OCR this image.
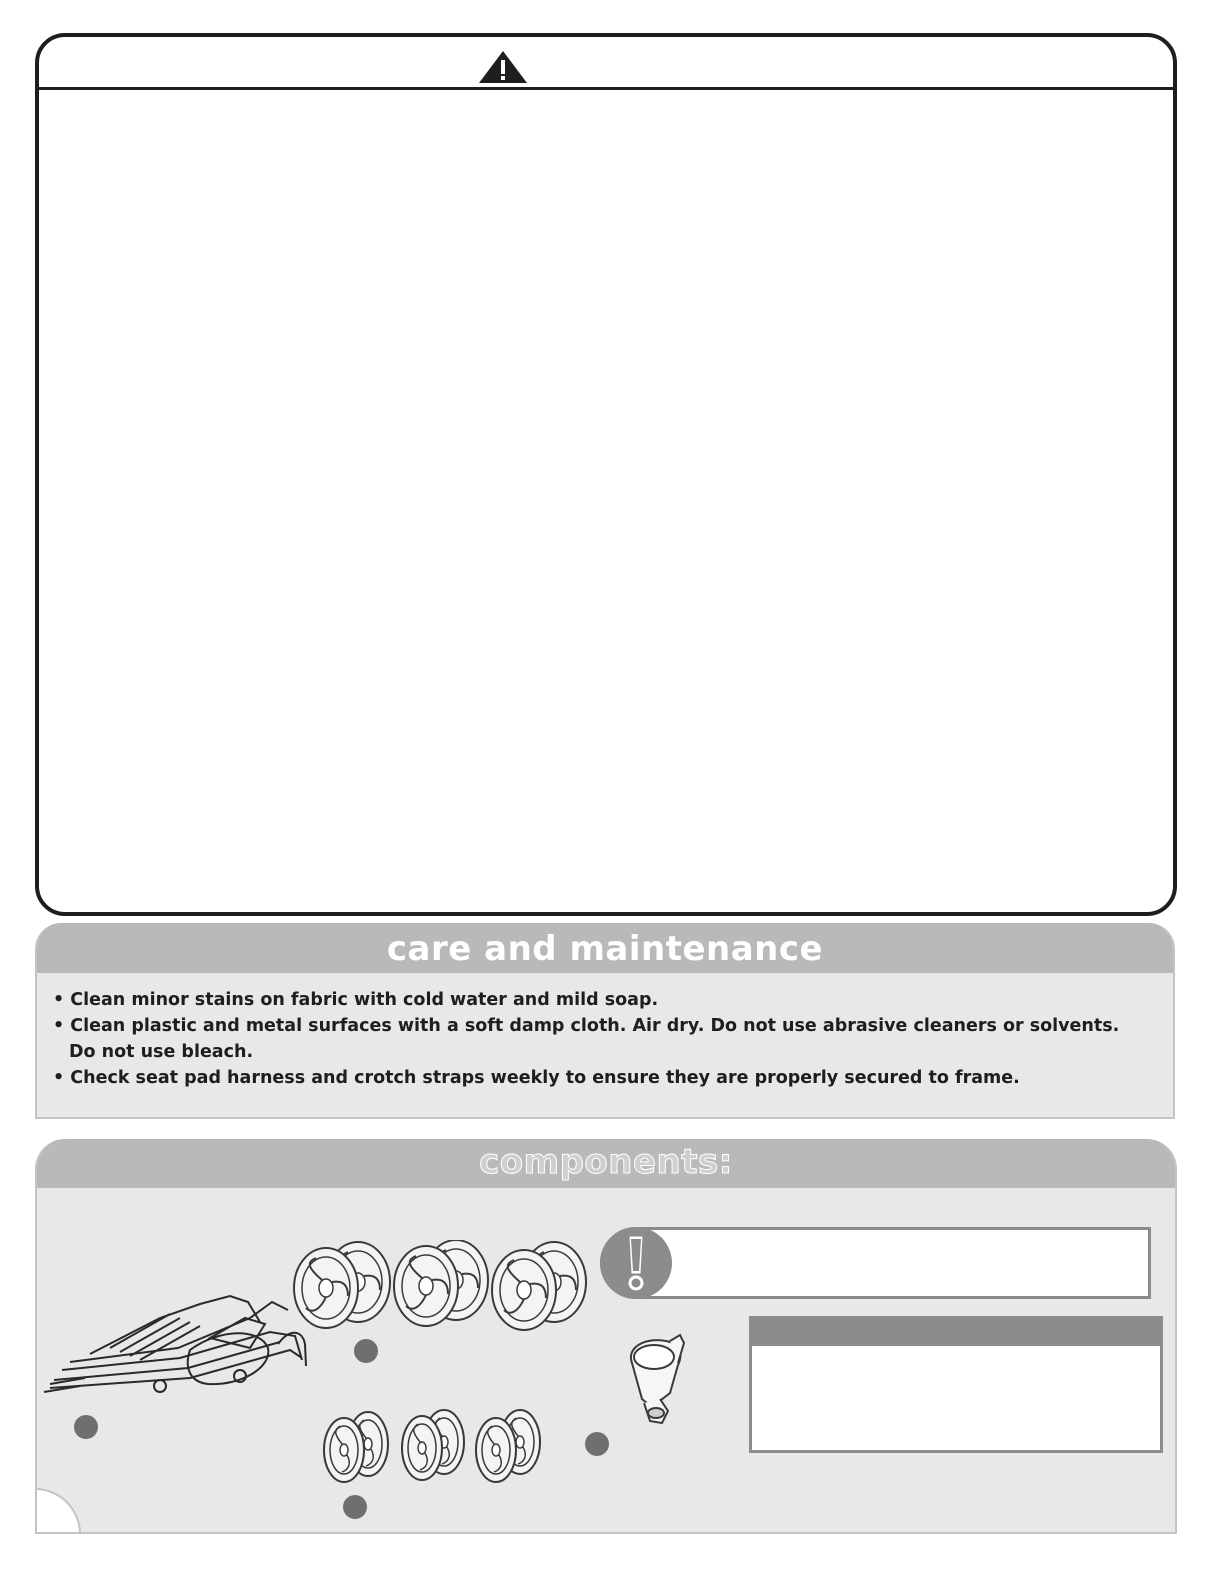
care and maintenance
• Clean minor stains on fabric with cold water and mild soap.
• Clean plastic and metal surfaces with a soft damp cloth. Air dry. Do not use abrasive cleaners or solvents. Do not use bleach.
• Check seat pad harness and crotch straps weekly to ensure they are properly secured to frame.
components:
